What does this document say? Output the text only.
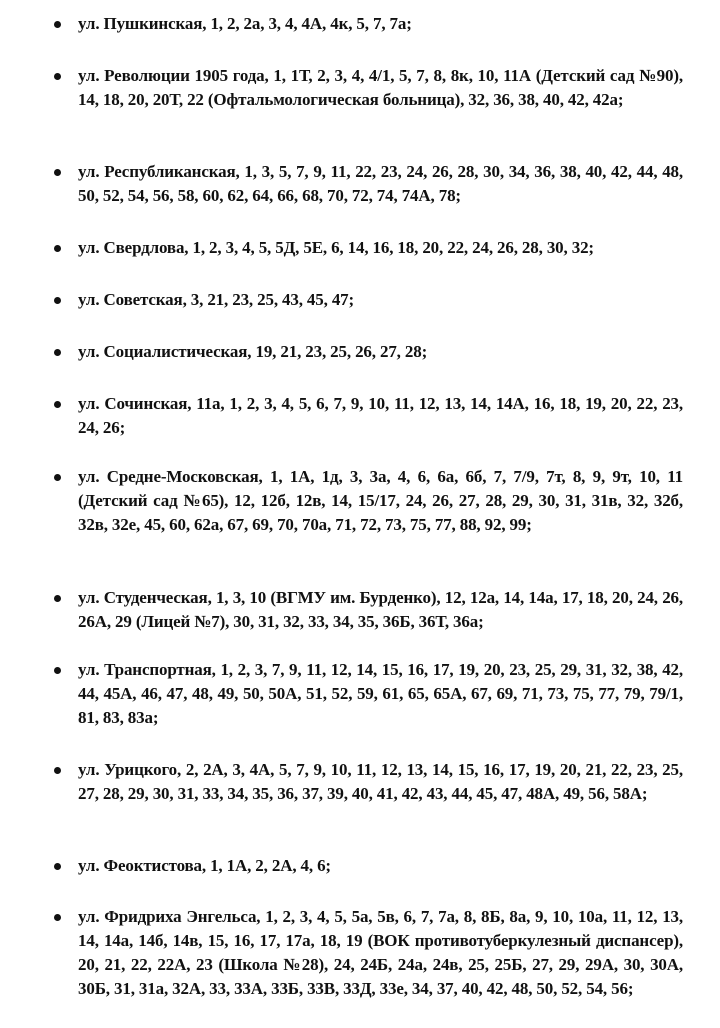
ул. Пушкинская, 1, 2, 2а, 3, 4, 4А, 4к, 5, 7, 7а;
ул. Революции 1905 года, 1, 1Т, 2, 3, 4, 4/1, 5, 7, 8, 8к, 10, 11А (Детский сад №90), 14, 18, 20, 20Т, 22 (Офтальмологическая больница), 32, 36, 38, 40, 42, 42а;
ул. Республиканская, 1, 3, 5, 7, 9, 11, 22, 23, 24, 26, 28, 30, 34, 36, 38, 40, 42, 44, 48, 50, 52, 54, 56, 58, 60, 62, 64, 66, 68, 70, 72, 74, 74А, 78;
ул. Свердлова, 1, 2, 3, 4, 5, 5Д, 5Е, 6, 14, 16, 18, 20, 22, 24, 26, 28, 30, 32;
ул. Советская, 3, 21, 23, 25, 43, 45, 47;
ул. Социалистическая, 19, 21, 23, 25, 26, 27, 28;
ул. Сочинская, 11а, 1, 2, 3, 4, 5, 6, 7, 9, 10, 11, 12, 13, 14, 14А, 16, 18, 19, 20, 22, 23, 24, 26;
ул. Средне-Московская, 1, 1А, 1д, 3, 3а, 4, 6, 6а, 6б, 7, 7/9, 7т, 8, 9, 9т, 10, 11 (Детский сад №65), 12, 12б, 12в, 14, 15/17, 24, 26, 27, 28, 29, 30, 31, 31в, 32, 32б, 32в, 32е, 45, 60, 62а, 67, 69, 70, 70а, 71, 72, 73, 75, 77, 88, 92, 99;
ул. Студенческая, 1, 3, 10 (ВГМУ им. Бурденко), 12, 12а, 14, 14а, 17, 18, 20, 24, 26, 26А, 29 (Лицей №7), 30, 31, 32, 33, 34, 35, 36Б, 36Т, 36а;
ул. Транспортная, 1, 2, 3, 7, 9, 11, 12, 14, 15, 16, 17, 19, 20, 23, 25, 29, 31, 32, 38, 42, 44, 45А, 46, 47, 48, 49, 50, 50А, 51, 52, 59, 61, 65, 65А, 67, 69, 71, 73, 75, 77, 79, 79/1, 81, 83, 83а;
ул. Урицкого, 2, 2А, 3, 4А, 5, 7, 9, 10, 11, 12, 13, 14, 15, 16, 17, 19, 20, 21, 22, 23, 25, 27, 28, 29, 30, 31, 33, 34, 35, 36, 37, 39, 40, 41, 42, 43, 44, 45, 47, 48А, 49, 56, 58А;
ул. Феоктистова, 1, 1А, 2, 2А, 4, 6;
ул. Фридриха Энгельса, 1, 2, 3, 4, 5, 5а, 5в, 6, 7, 7а, 8, 8Б, 8а, 9, 10, 10а, 11, 12, 13, 14, 14а, 14б, 14в, 15, 16, 17, 17а, 18, 19 (ВОК противотуберкулезный диспансер), 20, 21, 22, 22А, 23 (Школа №28), 24, 24Б, 24а, 24в, 25, 25Б, 27, 29, 29А, 30, 30А, 30Б, 31, 31а, 32А, 33, 33А, 33Б, 33В, 33Д, 33е, 34, 37, 40, 42, 48, 50, 52, 54, 56;
